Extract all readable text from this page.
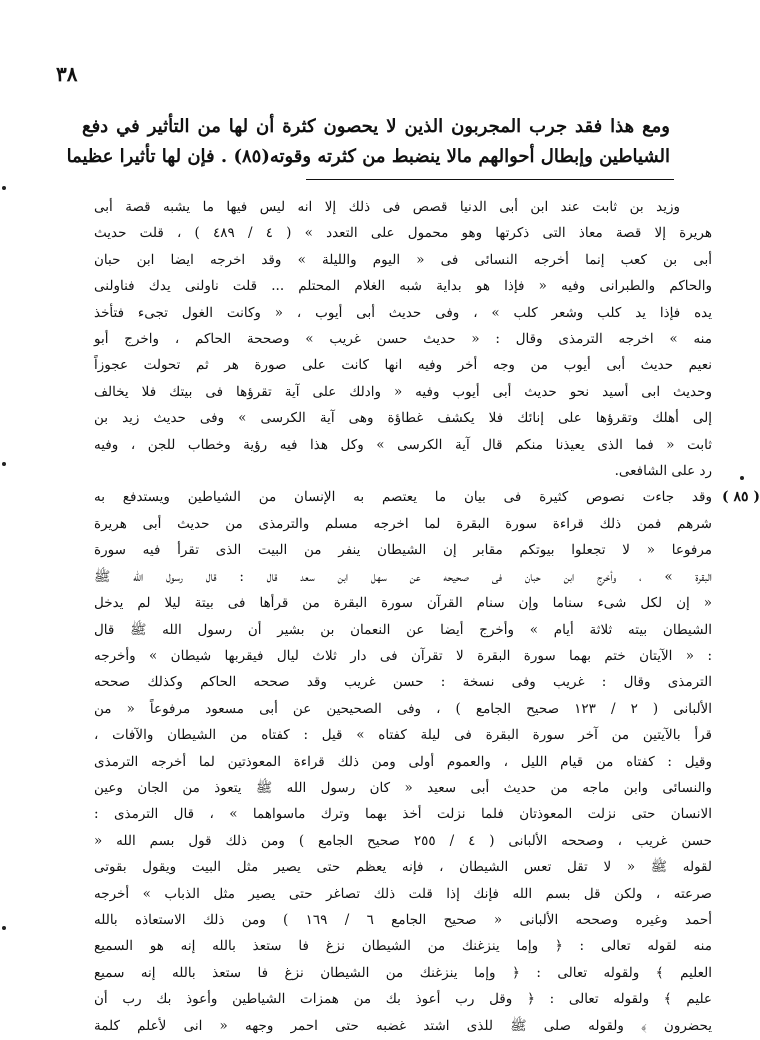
٣٨

ومع هذا فقد جرب المجربون الذين لا يحصون كثرة أن لها من التأثير في دفع

الشياطين وإبطال أحوالهم مالا ينضبط من كثرته وقوته(٨٥) . فإن لها تأثيرا عظيما

وزيد بن ثابت عند ابن أبى الدنيا قصص فى ذلك إلا انه ليس فيها ما يشبه قصة أبى
هريرة إلا قصة معاذ التى ذكرتها وهو محمول على التعدد » ( ٤ / ٤٨٩ ) ، قلت حديث
أبى بن كعب إنما أخرجه النسائى فى « اليوم والليلة » وقد اخرجه ايضا ابن حبان
والحاكم والطبرانى وفيه « فإذا هو بداية شبه الغلام المحتلم ... قلت ناولنى يدك فناولنى
يده فإذا يد كلب وشعر كلب » ، وفى حديث أبى أيوب ، « وكانت الغول تجىء فتأخذ
منه » اخرجه الترمذى وقال : « حديث حسن غريب » وصححة الحاكم ، واخرج أبو
نعيم حديث أبى أيوب من وجه أخر وفيه انها كانت على صورة هر ثم تحولت عجوزاً
وحديث ابى أسيد نحو حديث أبى أيوب وفيه « وادلك على آية تقرؤها فى بيتك فلا يخالف
إلى أهلك وتقرؤها على إنائك فلا يكشف غطاؤة وهى آية الكرسى » وفى حديث زيد بن
ثابت « فما الذى يعيذنا منكم قال آية الكرسى » وكل هذا فيه رؤية وخطاب للجن ، وفيه
رد على الشافعى.
( ٨٥ )
وقد جاءت نصوص كثيرة فى بيان ما يعتصم به الإنسان من الشياطين ويستدفع به
شرهم فمن ذلك قراءة سورة البقرة لما اخرجه مسلم والترمذى من حديث أبى هريرة
مرفوعا « لا تجعلوا بيوتكم مقابر إن الشيطان ينفر من البيت الذى تقرأ فيه سورة
البقرة » ، وأخرج ابن حبان فى صحيحه عن سهل ابن سعد قال : قال رسول الله ﷺ
« إن لكل شىء سناما وإن سنام القرآن سورة البقرة من قرأها فى بيتة ليلا لم يدخل
الشيطان بيته ثلاثة أيام » وأخرج أيضا عن النعمان بن بشير أن رسول الله ﷺ قال
: « الآيتان ختم بهما سورة البقرة لا تقرآن فى دار ثلاث ليال فيقربها شيطان » وأخرجه
الترمذى وقال : غريب وفى نسخة : حسن غريب وقد صححه الحاكم وكذلك صححه
الألبانى ( ٢ / ١٢٣ صحيح الجامع ) ، وفى الصحيحين عن أبى مسعود مرفوعاً « من
قرأ بالآيتين من آخر سورة البقرة فى ليلة كفتاه » قيل : كفتاه من الشيطان والآفات ،
وقيل : كفتاه من قيام الليل ، والعموم أولى ومن ذلك قراءة المعوذتين لما أخرجه الترمذى
والنسائى وابن ماجه من حديث أبى سعيد « كان رسول الله ﷺ يتعوذ من الجان وعين
الانسان حتى نزلت المعوذتان فلما نزلت أخذ بهما وترك ماسواهما » ، قال الترمذى :
حسن غريب ، وصححه الألبانى ( ٤ / ٢٥٥ صحيح الجامع ) ومن ذلك قول بسم الله «
لقوله ﷺ « لا تقل تعس الشيطان ، فإنه يعظم حتى يصير مثل البيت ويقول بقوتى
صرعته ، ولكن قل بسم الله فإنك إذا قلت ذلك تصاغر حتى يصير مثل الذباب » أخرجه
أحمد وغيره وصححه الألبانى « صحيح الجامع ٦ / ١٦٩ ) ومن ذلك الاستعاذه بالله
منه لقوله تعالى : ﴿ وإما ينزغنك من الشيطان نزغ فا ستعذ بالله إنه هو السميع
العليم ﴾ ولقوله تعالى : ﴿ وإما ينزغنك من الشيطان نزغ فا ستعذ بالله إنه سميع
عليم ﴾ ولقوله تعالى : ﴿ وقل رب أعوذ بك من همزات الشياطين وأعوذ بك رب أن
يحضرون ﴾ ولقوله صلى ﷺ للذى اشتد غضبه حتى احمر وجهه « انى لأعلم كلمة
